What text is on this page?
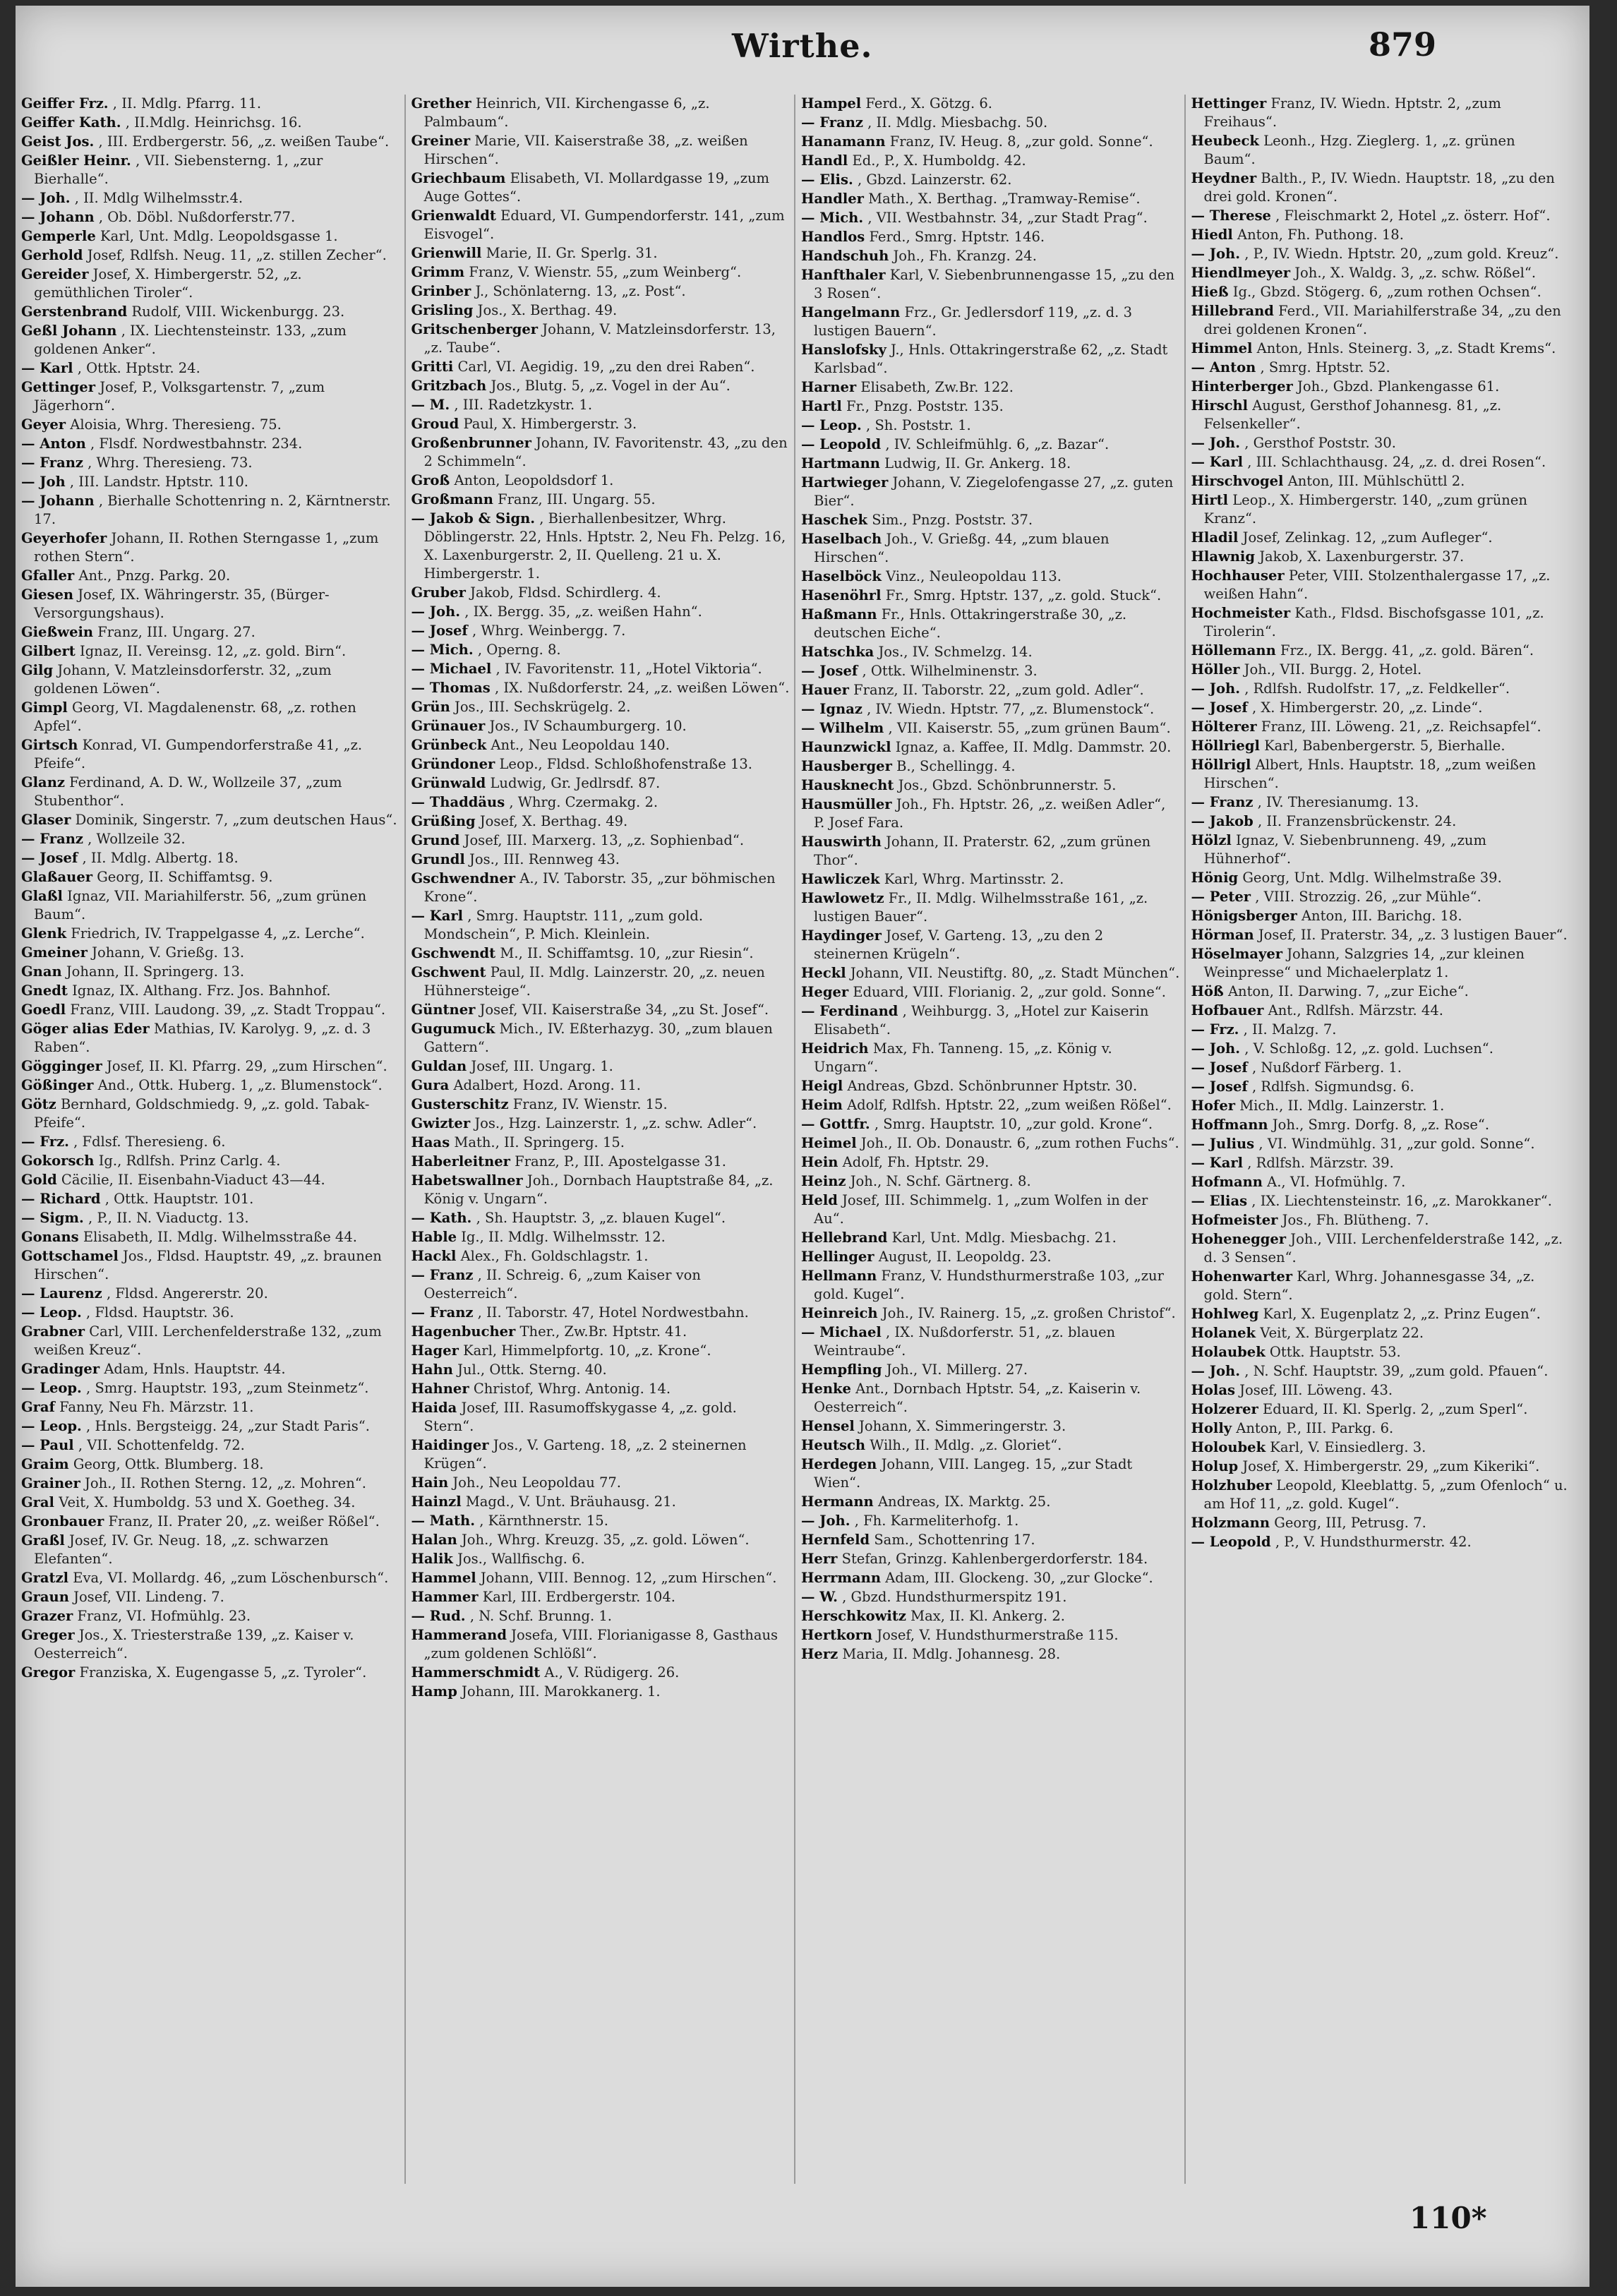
Wirthe.	879
Geiffer Frz. , II. Mdlg. Pfarrg. 11.
Geiffer Kath. , II.Mdlg. Heinrichsg. 16.
Geist Jos. , III. Erdbergerstr. 56, „z. weißen Taube“.
Geißler Heinr. , VII. Siebensterng. 1, „zur Bierhalle“.
— Joh. , II. Mdlg Wilhelmsstr.4.
— Johann , Ob. Döbl. Nußdorferstr.77.
Gemperle Karl, Unt. Mdlg. Leopoldsgasse 1.
Gerhold Josef, Rdlfsh. Neug. 11, „z. stillen Zecher“.
Gereider Josef, X. Himbergerstr. 52, „z. gemüthlichen Tiroler“.
Gerstenbrand Rudolf, VIII. Wickenburgg. 23.
Geßl Johann , IX. Liechtensteinstr. 133, „zum goldenen Anker“.
— Karl , Ottk. Hptstr. 24.
Gettinger Josef, P., Volksgartenstr. 7, „zum Jägerhorn“.
Geyer Aloisia, Whrg. Theresieng. 75.
— Anton , Flsdf. Nordwestbahnstr. 234.
— Franz , Whrg. Theresieng. 73.
— Joh , III. Landstr. Hptstr. 110.
— Johann , Bierhalle Schottenring n. 2, Kärntnerstr. 17.
Geyerhofer Johann, II. Rothen Sterngasse 1, „zum rothen Stern“.
Gfaller Ant., Pnzg. Parkg. 20.
Giesen Josef, IX. Währingerstr. 35, (Bürger-Versorgungshaus).
Gießwein Franz, III. Ungarg. 27.
Gilbert Ignaz, II. Vereinsg. 12, „z. gold. Birn“.
Gilg Johann, V. Matzleinsdorferstr. 32, „zum goldenen Löwen“.
Gimpl Georg, VI. Magdalenenstr. 68, „z. rothen Apfel“.
Girtsch Konrad, VI. Gumpendorferstraße 41, „z. Pfeife“.
Glanz Ferdinand, A. D. W., Wollzeile 37, „zum Stubenthor“.
Glaser Dominik, Singerstr. 7, „zum deutschen Haus“.
— Franz , Wollzeile 32.
— Josef , II. Mdlg. Albertg. 18.
Glaßauer Georg, II. Schiffamtsg. 9.
Glaßl Ignaz, VII. Mariahilferstr. 56, „zum grünen Baum“.
Glenk Friedrich, IV. Trappelgasse 4, „z. Lerche“.
Gmeiner Johann, V. Grießg. 13.
Gnan Johann, II. Springerg. 13.
Gnedt Ignaz, IX. Althang. Frz. Jos. Bahnhof.
Goedl Franz, VIII. Laudong. 39, „z. Stadt Troppau“.
Göger alias Eder Mathias, IV. Karolyg. 9, „z. d. 3 Raben“.
Gögginger Josef, II. Kl. Pfarrg. 29, „zum Hirschen“.
Gößinger And., Ottk. Huberg. 1, „z. Blumenstock“.
Götz Bernhard, Goldschmiedg. 9, „z. gold. Tabak-Pfeife“.
— Frz. , Fdlsf. Theresieng. 6.
Gokorsch Ig., Rdlfsh. Prinz Carlg. 4.
Gold Cäcilie, II. Eisenbahn-Viaduct 43—44.
— Richard , Ottk. Hauptstr. 101.
— Sigm. , P., II. N. Viaductg. 13.
Gonans Elisabeth, II. Mdlg. Wilhelmsstraße 44.
Gottschamel Jos., Fldsd. Hauptstr. 49, „z. braunen Hirschen“.
— Laurenz , Fldsd. Angererstr. 20.
— Leop. , Fldsd. Hauptstr. 36.
Grabner Carl, VIII. Lerchenfelderstraße 132, „zum weißen Kreuz“.
Gradinger Adam, Hnls. Hauptstr. 44.
— Leop. , Smrg. Hauptstr. 193, „zum Steinmetz“.
Graf Fanny, Neu Fh. Märzstr. 11.
— Leop. , Hnls. Bergsteigg. 24, „zur Stadt Paris“.
— Paul , VII. Schottenfeldg. 72.
Graim Georg, Ottk. Blumberg. 18.
Grainer Joh., II. Rothen Sterng. 12, „z. Mohren“.
Gral Veit, X. Humboldg. 53 und X. Goetheg. 34.
Gronbauer Franz, II. Prater 20, „z. weißer Rößel“.
Graßl Josef, IV. Gr. Neug. 18, „z. schwarzen Elefanten“.
Gratzl Eva, VI. Mollardg. 46, „zum Löschenbursch“.
Graun Josef, VII. Lindeng. 7.
Grazer Franz, VI. Hofmühlg. 23.
Greger Jos., X. Triesterstraße 139, „z. Kaiser v. Oesterreich“.
Gregor Franziska, X. Eugengasse 5, „z. Tyroler“.
Grether Heinrich, VII. Kirchengasse 6, „z. Palmbaum“.
Greiner Marie, VII. Kaiserstraße 38, „z. weißen Hirschen“.
Griechbaum Elisabeth, VI. Mollardgasse 19, „zum Auge Gottes“.
Grienwaldt Eduard, VI. Gumpendorferstr. 141, „zum Eisvogel“.
Grienwill Marie, II. Gr. Sperlg. 31.
Grimm Franz, V. Wienstr. 55, „zum Weinberg“.
Grinber J., Schönlaterng. 13, „z. Post“.
Grisling Jos., X. Berthag. 49.
Gritschenberger Johann, V. Matzleinsdorferstr. 13, „z. Taube“.
Gritti Carl, VI. Aegidig. 19, „zu den drei Raben“.
Gritzbach Jos., Blutg. 5, „z. Vogel in der Au“.
— M. , III. Radetzkystr. 1.
Groud Paul, X. Himbergerstr. 3.
Großenbrunner Johann, IV. Favoritenstr. 43, „zu den 2 Schimmeln“.
Groß Anton, Leopoldsdorf 1.
Großmann Franz, III. Ungarg. 55.
— Jakob & Sign. , Bierhallenbesitzer, Whrg. Döblingerstr. 22, Hnls. Hptstr. 2, Neu Fh. Pelzg. 16, X. Laxenburgerstr. 2, II. Quelleng. 21 u. X. Himbergerstr. 1.
Gruber Jakob, Fldsd. Schirdlerg. 4.
— Joh. , IX. Bergg. 35, „z. weißen Hahn“.
— Josef , Whrg. Weinbergg. 7.
— Mich. , Operng. 8.
— Michael , IV. Favoritenstr. 11, „Hotel Viktoria“.
— Thomas , IX. Nußdorferstr. 24, „z. weißen Löwen“.
Grün Jos., III. Sechskrügelg. 2.
Grünauer Jos., IV Schaumburgerg. 10.
Grünbeck Ant., Neu Leopoldau 140.
Gründoner Leop., Fldsd. Schloßhofenstraße 13.
Grünwald Ludwig, Gr. Jedlrsdf. 87.
— Thaddäus , Whrg. Czermakg. 2.
Grüßing Josef, X. Berthag. 49.
Grund Josef, III. Marxerg. 13, „z. Sophienbad“.
Grundl Jos., III. Rennweg 43.
Gschwendner A., IV. Taborstr. 35, „zur böhmischen Krone“.
— Karl , Smrg. Hauptstr. 111, „zum gold. Mondschein“, P. Mich. Kleinlein.
Gschwendt M., II. Schiffamtsg. 10, „zur Riesin“.
Gschwent Paul, II. Mdlg. Lainzerstr. 20, „z. neuen Hühnersteige“.
Güntner Josef, VII. Kaiserstraße 34, „zu St. Josef“.
Gugumuck Mich., IV. Eßterhazyg. 30, „zum blauen Gattern“.
Guldan Josef, III. Ungarg. 1.
Gura Adalbert, Hozd. Arong. 11.
Gusterschitz Franz, IV. Wienstr. 15.
Gwizter Jos., Hzg. Lainzerstr. 1, „z. schw. Adler“.
Haas Math., II. Springerg. 15.
Haberleitner Franz, P., III. Apostelgasse 31.
Habetswallner Joh., Dornbach Hauptstraße 84, „z. König v. Ungarn“.
— Kath. , Sh. Hauptstr. 3, „z. blauen Kugel“.
Hable Ig., II. Mdlg. Wilhelmsstr. 12.
Hackl Alex., Fh. Goldschlagstr. 1.
— Franz , II. Schreig. 6, „zum Kaiser von Oesterreich“.
— Franz , II. Taborstr. 47, Hotel Nordwestbahn.
Hagenbucher Ther., Zw.Br. Hptstr. 41.
Hager Karl, Himmelpfortg. 10, „z. Krone“.
Hahn Jul., Ottk. Sterng. 40.
Hahner Christof, Whrg. Antonig. 14.
Haida Josef, III. Rasumoffskygasse 4, „z. gold. Stern“.
Haidinger Jos., V. Garteng. 18, „z. 2 steinernen Krügen“.
Hain Joh., Neu Leopoldau 77.
Hainzl Magd., V. Unt. Bräuhausg. 21.
— Math. , Kärnthnerstr. 15.
Halan Joh., Whrg. Kreuzg. 35, „z. gold. Löwen“.
Halik Jos., Wallfischg. 6.
Hammel Johann, VIII. Bennog. 12, „zum Hirschen“.
Hammer Karl, III. Erdbergerstr. 104.
— Rud. , N. Schf. Brunng. 1.
Hammerand Josefa, VIII. Florianigasse 8, Gasthaus „zum goldenen Schlößl“.
Hammerschmidt A., V. Rüdigerg. 26.
Hamp Johann, III. Marokkanerg. 1.
Hampel Ferd., X. Götzg. 6.
— Franz , II. Mdlg. Miesbachg. 50.
Hanamann Franz, IV. Heug. 8, „zur gold. Sonne“.
Handl Ed., P., X. Humboldg. 42.
— Elis. , Gbzd. Lainzerstr. 62.
Handler Math., X. Berthag. „Tramway-Remise“.
— Mich. , VII. Westbahnstr. 34, „zur Stadt Prag“.
Handlos Ferd., Smrg. Hptstr. 146.
Handschuh Joh., Fh. Kranzg. 24.
Hanfthaler Karl, V. Siebenbrunnengasse 15, „zu den 3 Rosen“.
Hangelmann Frz., Gr. Jedlersdorf 119, „z. d. 3 lustigen Bauern“.
Hanslofsky J., Hnls. Ottakringerstraße 62, „z. Stadt Karlsbad“.
Harner Elisabeth, Zw.Br. 122.
Hartl Fr., Pnzg. Poststr. 135.
— Leop. , Sh. Poststr. 1.
— Leopold , IV. Schleifmühlg. 6, „z. Bazar“.
Hartmann Ludwig, II. Gr. Ankerg. 18.
Hartwieger Johann, V. Ziegelofengasse 27, „z. guten Bier“.
Haschek Sim., Pnzg. Poststr. 37.
Haselbach Joh., V. Grießg. 44, „zum blauen Hirschen“.
Haselböck Vinz., Neuleopoldau 113.
Hasenöhrl Fr., Smrg. Hptstr. 137, „z. gold. Stuck“.
Haßmann Fr., Hnls. Ottakringerstraße 30, „z. deutschen Eiche“.
Hatschka Jos., IV. Schmelzg. 14.
— Josef , Ottk. Wilhelminenstr. 3.
Hauer Franz, II. Taborstr. 22, „zum gold. Adler“.
— Ignaz , IV. Wiedn. Hptstr. 77, „z. Blumenstock“.
— Wilhelm , VII. Kaiserstr. 55, „zum grünen Baum“.
Haunzwickl Ignaz, a. Kaffee, II. Mdlg. Dammstr. 20.
Hausberger B., Schellingg. 4.
Hausknecht Jos., Gbzd. Schönbrunnerstr. 5.
Hausmüller Joh., Fh. Hptstr. 26, „z. weißen Adler“, P. Josef Fara.
Hauswirth Johann, II. Praterstr. 62, „zum grünen Thor“.
Hawliczek Karl, Whrg. Martinsstr. 2.
Hawlowetz Fr., II. Mdlg. Wilhelmsstraße 161, „z. lustigen Bauer“.
Haydinger Josef, V. Garteng. 13, „zu den 2 steinernen Krügeln“.
Heckl Johann, VII. Neustiftg. 80, „z. Stadt München“.
Heger Eduard, VIII. Florianig. 2, „zur gold. Sonne“.
— Ferdinand , Weihburgg. 3, „Hotel zur Kaiserin Elisabeth“.
Heidrich Max, Fh. Tanneng. 15, „z. König v. Ungarn“.
Heigl Andreas, Gbzd. Schönbrunner Hptstr. 30.
Heim Adolf, Rdlfsh. Hptstr. 22, „zum weißen Rößel“.
— Gottfr. , Smrg. Hauptstr. 10, „zur gold. Krone“.
Heimel Joh., II. Ob. Donaustr. 6, „zum rothen Fuchs“.
Hein Adolf, Fh. Hptstr. 29.
Heinz Joh., N. Schf. Gärtnerg. 8.
Held Josef, III. Schimmelg. 1, „zum Wolfen in der Au“.
Hellebrand Karl, Unt. Mdlg. Miesbachg. 21.
Hellinger August, II. Leopoldg. 23.
Hellmann Franz, V. Hundsthurmerstraße 103, „zur gold. Kugel“.
Heinreich Joh., IV. Rainerg. 15, „z. großen Christof“.
— Michael , IX. Nußdorferstr. 51, „z. blauen Weintraube“.
Hempfling Joh., VI. Millerg. 27.
Henke Ant., Dornbach Hptstr. 54, „z. Kaiserin v. Oesterreich“.
Hensel Johann, X. Simmeringerstr. 3.
Heutsch Wilh., II. Mdlg. „z. Gloriet“.
Herdegen Johann, VIII. Langeg. 15, „zur Stadt Wien“.
Hermann Andreas, IX. Marktg. 25.
— Joh. , Fh. Karmeliterhofg. 1.
Hernfeld Sam., Schottenring 17.
Herr Stefan, Grinzg. Kahlenbergerdorferstr. 184.
Herrmann Adam, III. Glockeng. 30, „zur Glocke“.
— W. , Gbzd. Hundsthurmerspitz 191.
Herschkowitz Max, II. Kl. Ankerg. 2.
Hertkorn Josef, V. Hundsthurmerstraße 115.
Herz Maria, II. Mdlg. Johannesg. 28.
Hettinger Franz, IV. Wiedn. Hptstr. 2, „zum Freihaus“.
Heubeck Leonh., Hzg. Zieglerg. 1, „z. grünen Baum“.
Heydner Balth., P., IV. Wiedn. Hauptstr. 18, „zu den drei gold. Kronen“.
— Therese , Fleischmarkt 2, Hotel „z. österr. Hof“.
Hiedl Anton, Fh. Puthong. 18.
— Joh. , P., IV. Wiedn. Hptstr. 20, „zum gold. Kreuz“.
Hiendlmeyer Joh., X. Waldg. 3, „z. schw. Rößel“.
Hieß Ig., Gbzd. Stögerg. 6, „zum rothen Ochsen“.
Hillebrand Ferd., VII. Mariahilferstraße 34, „zu den drei goldenen Kronen“.
Himmel Anton, Hnls. Steinerg. 3, „z. Stadt Krems“.
— Anton , Smrg. Hptstr. 52.
Hinterberger Joh., Gbzd. Plankengasse 61.
Hirschl August, Gersthof Johannesg. 81, „z. Felsenkeller“.
— Joh. , Gersthof Poststr. 30.
— Karl , III. Schlachthausg. 24, „z. d. drei Rosen“.
Hirschvogel Anton, III. Mühlschüttl 2.
Hirtl Leop., X. Himbergerstr. 140, „zum grünen Kranz“.
Hladil Josef, Zelinkag. 12, „zum Aufleger“.
Hlawnig Jakob, X. Laxenburgerstr. 37.
Hochhauser Peter, VIII. Stolzenthalergasse 17, „z. weißen Hahn“.
Hochmeister Kath., Fldsd. Bischofsgasse 101, „z. Tirolerin“.
Höllemann Frz., IX. Bergg. 41, „z. gold. Bären“.
Höller Joh., VII. Burgg. 2, Hotel.
— Joh. , Rdlfsh. Rudolfstr. 17, „z. Feldkeller“.
— Josef , X. Himbergerstr. 20, „z. Linde“.
Hölterer Franz, III. Löweng. 21, „z. Reichsapfel“.
Höllriegl Karl, Babenbergerstr. 5, Bierhalle.
Höllrigl Albert, Hnls. Hauptstr. 18, „zum weißen Hirschen“.
— Franz , IV. Theresianumg. 13.
— Jakob , II. Franzensbrückenstr. 24.
Hölzl Ignaz, V. Siebenbrunneng. 49, „zum Hühnerhof“.
Hönig Georg, Unt. Mdlg. Wilhelmstraße 39.
— Peter , VIII. Strozzig. 26, „zur Mühle“.
Hönigsberger Anton, III. Barichg. 18.
Hörman Josef, II. Praterstr. 34, „z. 3 lustigen Bauer“.
Höselmayer Johann, Salzgries 14, „zur kleinen Weinpresse“ und Michaelerplatz 1.
Höß Anton, II. Darwing. 7, „zur Eiche“.
Hofbauer Ant., Rdlfsh. Märzstr. 44.
— Frz. , II. Malzg. 7.
— Joh. , V. Schloßg. 12, „z. gold. Luchsen“.
— Josef , Nußdorf Färberg. 1.
— Josef , Rdlfsh. Sigmundsg. 6.
Hofer Mich., II. Mdlg. Lainzerstr. 1.
Hoffmann Joh., Smrg. Dorfg. 8, „z. Rose“.
— Julius , VI. Windmühlg. 31, „zur gold. Sonne“.
— Karl , Rdlfsh. Märzstr. 39.
Hofmann A., VI. Hofmühlg. 7.
— Elias , IX. Liechtensteinstr. 16, „z. Marokkaner“.
Hofmeister Jos., Fh. Blütheng. 7.
Hohenegger Joh., VIII. Lerchenfelderstraße 142, „z. d. 3 Sensen“.
Hohenwarter Karl, Whrg. Johannesgasse 34, „z. gold. Stern“.
Hohlweg Karl, X. Eugenplatz 2, „z. Prinz Eugen“.
Holanek Veit, X. Bürgerplatz 22.
Holaubek Ottk. Hauptstr. 53.
— Joh. , N. Schf. Hauptstr. 39, „zum gold. Pfauen“.
Holas Josef, III. Löweng. 43.
Holzerer Eduard, II. Kl. Sperlg. 2, „zum Sperl“.
Holly Anton, P., III. Parkg. 6.
Holoubek Karl, V. Einsiedlerg. 3.
Holup Josef, X. Himbergerstr. 29, „zum Kikeriki“.
Holzhuber Leopold, Kleeblattg. 5, „zum Ofenloch“ u. am Hof 11, „z. gold. Kugel“.
Holzmann Georg, III, Petrusg. 7.
— Leopold , P., V. Hundsthurmerstr. 42.
110*
